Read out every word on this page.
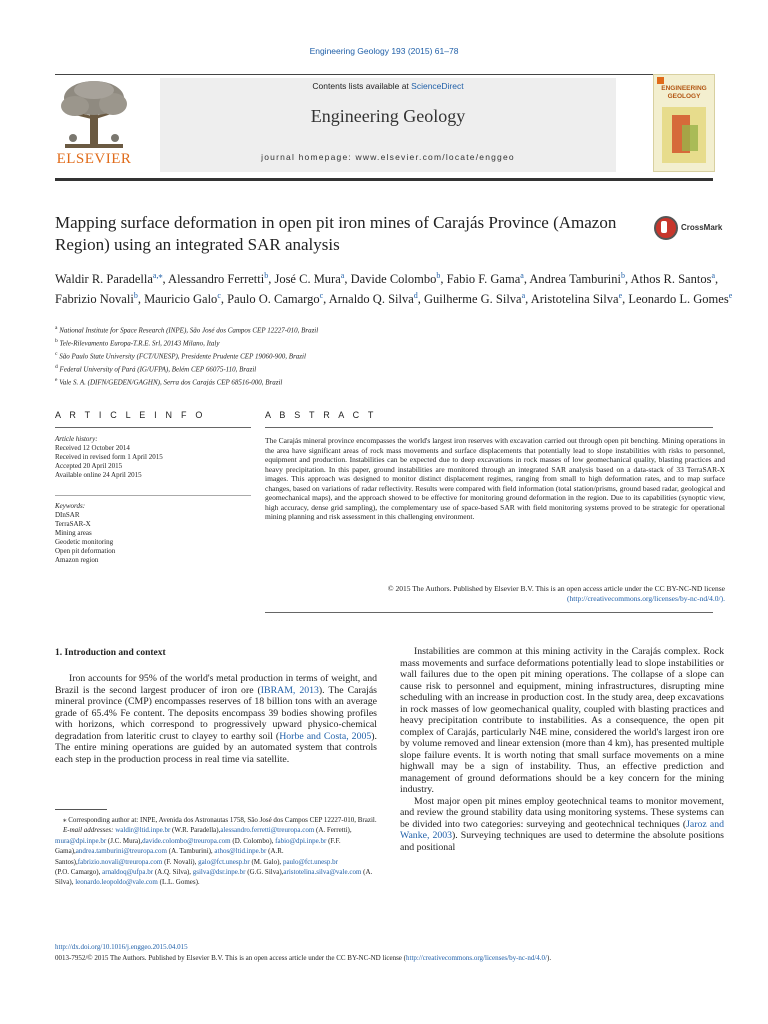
Engineering Geology 193 (2015) 61–78
ELSEVIER
Contents lists available at ScienceDirect
Engineering Geology
journal homepage: www.elsevier.com/locate/enggeo
ENGINEERING GEOLOGY
Mapping surface deformation in open pit iron mines of Carajás Province (Amazon Region) using an integrated SAR analysis
CrossMark
Waldir R. Paradella$^{a,⁎}$, Alessandro Ferretti$^b$, José C. Mura$^a$, Davide Colombo$^b$, Fabio F. Gama$^a$, Andrea Tamburini$^b$, Athos R. Santos$^a$, Fabrizio Novali$^b$, Mauricio Galo$^c$, Paulo O. Camargo$^c$, Arnaldo Q. Silva$^d$, Guilherme G. Silva$^a$, Aristotelina Silva$^e$, Leonardo L. Gomes$^e$
$^a$ National Institute for Space Research (INPE), São José dos Campos CEP 12227-010, Brazil
$^b$ Tele-Rilevamento Europa-T.R.E. Srl, 20143 Milano, Italy
$^c$ São Paulo State University (FCT/UNESP), Presidente Prudente CEP 19060-900, Brazil
$^d$ Federal University of Pará (IG/UFPA), Belém CEP 66075-110, Brazil
$^e$ Vale S. A. (DIFN/GEDEN/GAGHN), Serra dos Carajás CEP 68516-000, Brazil
A R T I C L E I N F O	A B S T R A C T
Article history:
Received 12 October 2014
Received in revised form 1 April 2015
Accepted 20 April 2015
Available online 24 April 2015
Keywords:
DInSAR
TerraSAR-X
Mining areas
Geodetic monitoring
Open pit deformation
Amazon region
The Carajás mineral province encompasses the world's largest iron reserves with excavation carried out through open pit benching. Mining operations in the area have significant areas of rock mass movements and surface displacements that potentially lead to slope instabilities with risks to personnel, equipment and production. Instabilities can be expected due to deep excavations in rock masses of low geomechanical quality, blasting practices and heavy precipitation. In this paper, ground instabilities are monitored through an integrated SAR analysis based on a data-stack of 33 TerraSAR-X images. This approach was designed to monitor distinct displacement regimes, ranging from small to high deformation rates, and to map surface changes, based on variations of radar reflectivity. Results were compared with field information (total station/prisms, ground based radar, geological and geomechanical maps), and the approach showed to be effective for monitoring ground deformation in the region. Due to its capabilities (synoptic view, high accuracy, dense grid sampling), the complementary use of space-based SAR with field monitoring systems proved to be strategic for operational mining planning and risk assessment in this challenging environment.
© 2015 The Authors. Published by Elsevier B.V. This is an open access article under the CC BY-NC-ND license
(http://creativecommons.org/licenses/by-nc-nd/4.0/).
1. Introduction and context

Iron accounts for 95% of the world's metal production in terms of weight, and Brazil is the second largest producer of iron ore (IBRAM, 2013). The Carajás mineral province (CMP) encompasses reserves of 18 billion tons with an average grade of 65.4% Fe content. The deposits encompass 39 bodies showing profiles with horizons, which correspond to progressively upward physico-chemical degradation from lateritic crust to clayey to earthy soil (Horbe and Costa, 2005). The entire mining operations are guided by an automated system that controls each step in the production process in real time via satellite.

⁎ Corresponding author at: INPE, Avenida dos Astronautas 1758, São José dos Campos CEP 12227-010, Brazil.

E-mail addresses: waldir@ltid.inpe.br (W.R. Paradella),alessandro.ferretti@treuropa.com (A. Ferretti), mura@dpi.inpe.br (J.C. Mura),davide.colombo@treuropa.com (D. Colombo), fabio@dpi.inpe.br (F.F. Gama),andrea.tamburini@treuropa.com (A. Tamburini), athos@ltid.inpe.br (A.R. Santos),fabrizio.novali@treuropa.com (F. Novali), galo@fct.unesp.br (M. Galo), paulo@fct.unesp.br
(P.O. Camargo), arnaldoq@ufpa.br (A.Q. Silva), gsilva@dsr.inpe.br (G.G. Silva),aristotelina.silva@vale.com (A. Silva), leonardo.leopoldo@vale.com (L.L. Gomes).

Instabilities are common at this mining activity in the Carajás complex. Rock mass movements and surface deformations potentially lead to slope instabilities or wall failures due to the open pit mining operations. The collapse of a slope can cause risk to personnel and equipment, mining infrastructures, disrupting mine scheduling with an increase in production cost. In the study area, deep excavations in rock masses of low geomechanical quality, coupled with blasting practices and heavy precipitation contribute to instabilities. As a consequence, the open pit complex of Carajás, particularly N4E mine, considered the world's largest iron ore by volume removed and linear extension (more than 4 km), has presented multiple slope failure events. It is worth noting that small surface movements on a mine highwall may be a sign of instability. Thus, an effective prediction and management of ground deformations should be a key concern for the mining industry.

Most major open pit mines employ geotechnical teams to monitor movement, and review the ground stability data using monitoring systems. These systems can be divided into two categories: surveying and geotechnical techniques (Jaroz and Wanke, 2003). Surveying techniques are used to determine the absolute positions and positional

http://dx.doi.org/10.1016/j.enggeo.2015.04.015
0013-7952/© 2015 The Authors. Published by Elsevier B.V. This is an open access article under the CC BY-NC-ND license (http://creativecommons.org/licenses/by-nc-nd/4.0/).
